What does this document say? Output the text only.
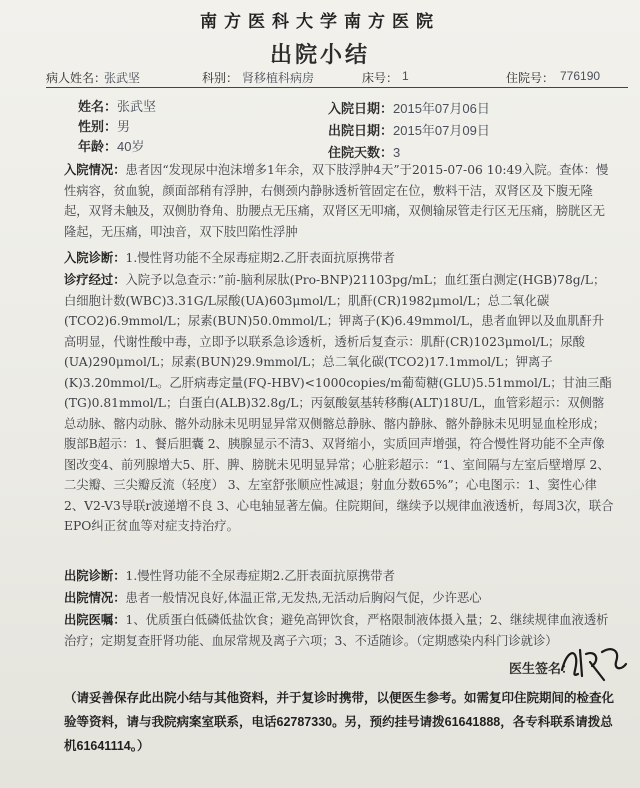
南方医科大学南方医院
出院小结
病人姓名：
张武坚	科别： 肾移植科病房	床号： 1	住院号： 776190
姓名：张武坚
性别：男
年龄：40岁
入院日期：2015年07月06日
出院日期：2015年07月09日
住院天数：3
入院情况：患者因“发现尿中泡沫增多1年余，双下肢浮肿4天”于2015-07-06 10:49入院。查体：慢性病容，贫血貌，颜面部稍有浮肿，右侧颈内静脉透析管固定在位，敷料干洁，双肾区及下腹无隆起，双肾未触及，双侧肋脊角、肋腰点无压痛，双肾区无叩痛，双侧输尿管走行区无压痛，膀胱区无隆起，无压痛，叩浊音，双下肢凹陷性浮肿
入院诊断：1.慢性肾功能不全尿毒症期2.乙肝表面抗原携带者
诊疗经过：入院予以急查示：”前-脑利尿肽(Pro-BNP)21103pg/mL；血红蛋白测定(HGB)78g/L；白细胞计数(WBC)3.31G/L尿酸(UA)603μmol/L；肌酐(CR)1982μmol/L；总二氧化碳(TCO2)6.9mmol/L；尿素(BUN)50.0mmol/L；钾离子(K)6.49mmol/L，患者血钾以及血肌酐升高明显，代谢性酸中毒，立即予以联系急诊透析，透析后复查示：肌酐(CR)1023μmol/L；尿酸(UA)290μmol/L；尿素(BUN)29.9mmol/L；总二氧化碳(TCO2)17.1mmol/L；钾离子(K)3.20mmol/L。乙肝病毒定量(FQ-HBV)<1000copies/m葡萄糖(GLU)5.51mmol/L；甘油三酯(TG)0.81mmol/L；白蛋白(ALB)32.8g/L；丙氨酸氨基转移酶(ALT)18U/L，血管彩超示：双侧髂总动脉、髂内动脉、髂外动脉未见明显异常双侧髂总静脉、髂内静脉、髂外静脉未见明显血栓形成；腹部B超示：1、餐后胆囊 2、胰腺显示不清3、双肾缩小，实质回声增强，符合慢性肾功能不全声像图改变4、前列腺增大5、肝、脾、膀胱未见明显异常；心脏彩超示：“1、室间隔与左室后壁增厚 2、二尖瓣、三尖瓣反流（轻度） 3、左室舒张顺应性减退；射血分数65%”；心电图示：1、窦性心律 2、V2-V3导联r波递增不良 3、心电轴显著左偏。住院期间，继续予以规律血液透析，每周3次，联合EPO纠正贫血等对症支持治疗。
出院诊断：1.慢性肾功能不全尿毒症期2.乙肝表面抗原携带者
出院情况：患者一般情况良好,体温正常,无发热,无活动后胸闷气促，少许恶心
出院医嘱：1、优质蛋白低磷低盐饮食；避免高钾饮食，严格限制液体摄入量；2、继续规律血液透析治疗；定期复查肝肾功能、血尿常规及离子六项；3、不适随诊。（定期感染内科门诊就诊）
医生签名：
（请妥善保存此出院小结与其他资料，并于复诊时携带，以便医生参考。如需复印住院期间的检查化验等资料，请与我院病案室联系，电话62787330。另，预约挂号请拨61641888，各专科联系请拨总机61641114。）
